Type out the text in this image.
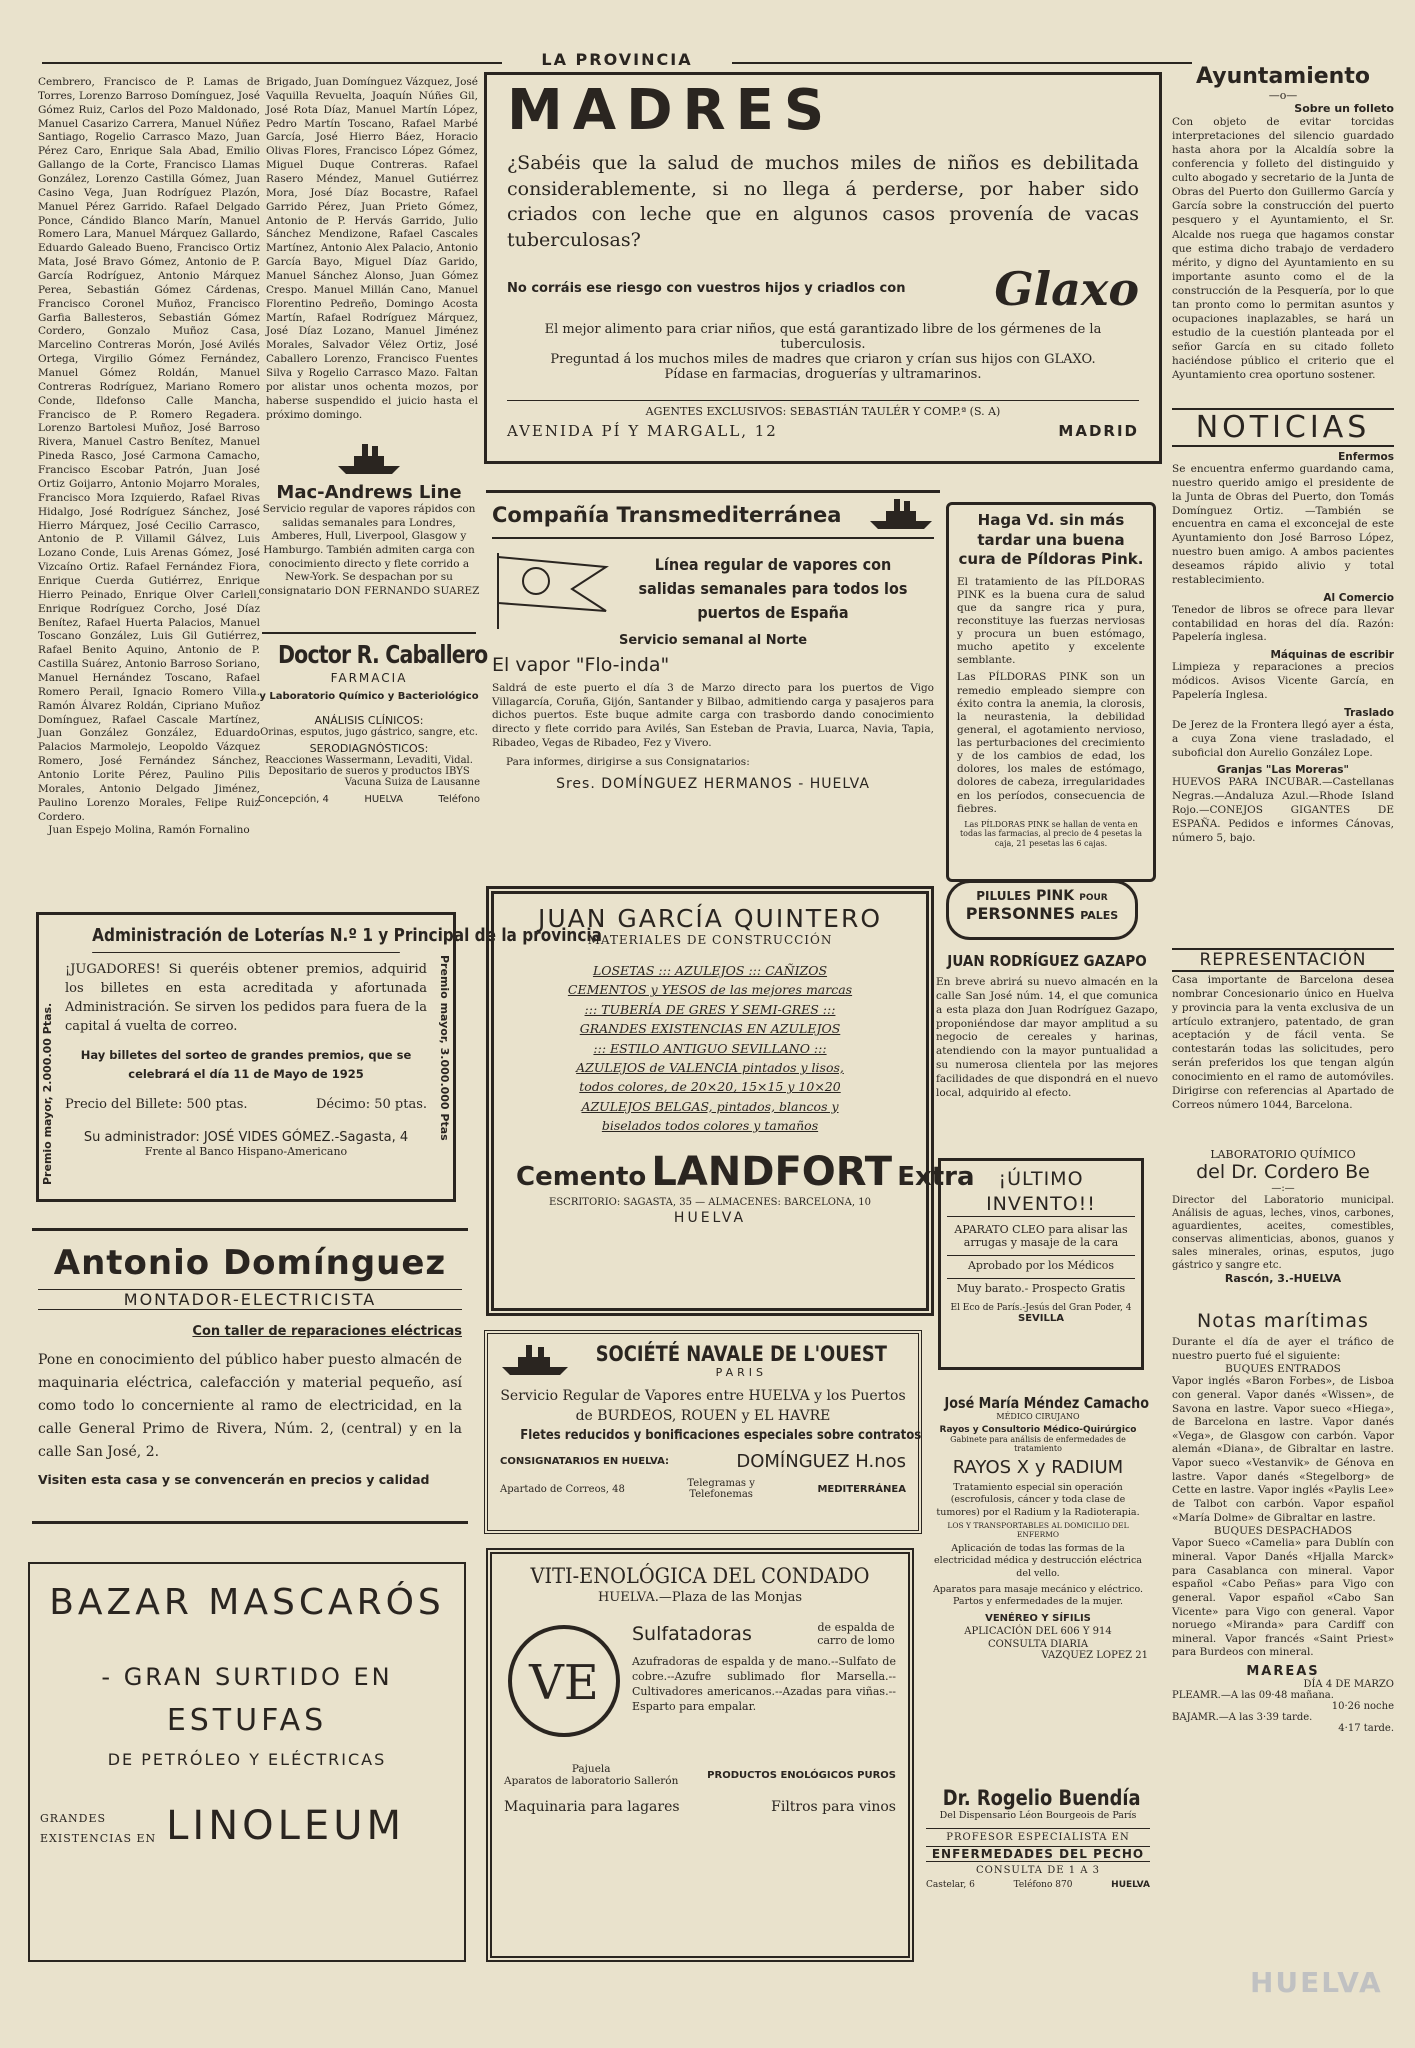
LA PROVINCIA
Cembrero, Francisco de P. Lamas de Torres, Lorenzo Barroso Domínguez, José Gómez Ruiz, Carlos del Pozo Maldonado, Manuel Casarizo Carrera, Manuel Núñez Santiago, Rogelio Carrasco Mazo, Juan Pérez Caro, Enrique Sala Abad, Emilio Gallango de la Corte, Francisco Llamas González, Lorenzo Castilla Gómez, Juan Casino Vega, Juan Rodríguez Plazón, Manuel Pérez Garrido. Rafael Delgado Ponce, Cándido Blanco Marín, Manuel Romero Lara, Manuel Márquez Gallardo, Eduardo Galeado Bueno, Francisco Ortiz Mata, José Bravo Gómez, Antonio de P. García Rodríguez, Antonio Márquez Perea, Sebastián Gómez Cárdenas, Francisco Coronel Muñoz, Francisco Garfia Ballesteros, Sebastián Gómez Cordero, Gonzalo Muñoz Casa, Marcelino Contreras Morón, José Avilés Ortega, Virgilio Gómez Fernández, Manuel Gómez Roldán, Manuel Contreras Rodríguez, Mariano Romero Conde, Ildefonso Calle Mancha, Francisco de P. Romero Regadera. Lorenzo Bartolesi Muñoz, José Barroso Rivera, Manuel Castro Benítez, Manuel Pineda Rasco, José Carmona Camacho, Francisco Escobar Patrón, Juan José Ortiz Goijarro, Antonio Mojarro Morales, Francisco Mora Izquierdo, Rafael Rivas Hidalgo, José Rodríguez Sánchez, José Hierro Márquez, José Cecilio Carrasco, Antonio de P. Villamil Gálvez, Luis Lozano Conde, Luis Arenas Gómez, José Vizcaíno Ortiz. Rafael Fernández Fiora, Enrique Cuerda Gutiérrez, Enrique Hierro Peinado, Enrique Olver Carlell, Enrique Rodríguez Corcho, José Díaz Benítez, Rafael Huerta Palacios, Manuel Toscano González, Luis Gil Gutiérrez, Rafael Benito Aquino, Antonio de P. Castilla Suárez, Antonio Barroso Soriano, Manuel Hernández Toscano, Rafael Romero Perail, Ignacio Romero Villa. Ramón Álvarez Roldán, Cipriano Muñoz Domínguez, Rafael Cascale Martínez, Juan González González, Eduardo Palacios Marmolejo, Leopoldo Vázquez Romero, José Fernández Sánchez, Antonio Lorite Pérez, Paulino Pilis Morales, Antonio Delgado Jiménez, Paulino Lorenzo Morales, Felipe Ruiz Cordero.
Juan Espejo Molina, Ramón Fornalino
Brigado, Juan Domínguez Vázquez, José Vaquilla Revuelta, Joaquín Núñes Gil, José Rota Díaz, Manuel Martín López, Pedro Martín Toscano, Rafael Marbé García, José Hierro Báez, Horacio Olivas Flores, Francisco López Gómez, Miguel Duque Contreras. Rafael Rasero Méndez, Manuel Gutiérrez Mora, José Díaz Bocastre, Rafael Garrido Pérez, Juan Prieto Gómez, Antonio de P. Hervás Garrido, Julio Sánchez Mendizone, Rafael Cascales Martínez, Antonio Alex Palacio, Antonio García Bayo, Miguel Díaz Garido, Manuel Sánchez Alonso, Juan Gómez Crespo. Manuel Millán Cano, Manuel Florentino Pedreño, Domingo Acosta Martín, Rafael Rodríguez Márquez, José Díaz Lozano, Manuel Jiménez Morales, Salvador Vélez Ortiz, José Caballero Lorenzo, Francisco Fuentes Silva y Rogelio Carrasco Mazo. Faltan por alistar unos ochenta mozos, por haberse suspendido el juicio hasta el próximo domingo.
Mac-Andrews Line
Servicio regular de vapores rápidos con salidas semanales para Londres, Amberes, Hull, Liverpool, Glasgow y Hamburgo. También admiten carga con conocimiento directo y flete corrido a New-York. Se despachan por su consignatario DON FERNANDO SUAREZ
Doctor R. Caballero
FARMACIA
y Laboratorio Químico y Bacteriológico
ANÁLISIS CLÍNICOS:
Orinas, esputos, jugo gástrico, sangre, etc.
SERODIAGNÓSTICOS:
Reacciones Wassermann, Levaditi, Vidal. Depositario de sueros y productos IBYS
Vacuna Suiza de Lausanne
Concepción, 4	HUELVA	Teléfono
MADRES
¿Sabéis que la salud de muchos miles de niños es debilitada considerablemente, si no llega á perderse, por haber sido criados con leche que en algunos casos provenía de vacas tuberculosas?
No corráis ese riesgo con vuestros hijos y criadlos con Glaxo
El mejor alimento para criar niños, que está garantizado libre de los gérmenes de la tuberculosis.
Preguntad á los muchos miles de madres que criaron y crían sus hijos con GLAXO.
Pídase en farmacias, droguerías y ultramarinos.
AGENTES EXCLUSIVOS: SEBASTIÁN TAULÉR Y COMP.ª (S. A)
AVENIDA PÍ Y MARGALL, 12	MADRID
Ayuntamiento
—o—
Sobre un folleto
Con objeto de evitar torcidas interpretaciones del silencio guardado hasta ahora por la Alcaldía sobre la conferencia y folleto del distinguido y culto abogado y secretario de la Junta de Obras del Puerto don Guillermo García y García sobre la construcción del puerto pesquero y el Ayuntamiento, el Sr. Alcalde nos ruega que hagamos constar que estima dicho trabajo de verdadero mérito, y digno del Ayuntamiento en su importante asunto como el de la construcción de la Pesquería, por lo que tan pronto como lo permitan asuntos y ocupaciones inaplazables, se hará un estudio de la cuestión planteada por el señor García en su citado folleto haciéndose público el criterio que el Ayuntamiento crea oportuno sostener.
NOTICIAS
Enfermos
Se encuentra enfermo guardando cama, nuestro querido amigo el presidente de la Junta de Obras del Puerto, don Tomás Domínguez Ortiz. —También se encuentra en cama el exconcejal de este Ayuntamiento don José Barroso López, nuestro buen amigo. A ambos pacientes deseamos rápido alivio y total restablecimiento.
Al Comercio
Tenedor de libros se ofrece para llevar contabilidad en horas del día. Razón: Papelería inglesa.
Máquinas de escribir
Limpieza y reparaciones a precios módicos. Avisos Vicente García, en Papelería Inglesa.
Traslado
De Jerez de la Frontera llegó ayer a ésta, a cuya Zona viene trasladado, el suboficial don Aurelio González Lope.
Granjas "Las Moreras"
HUEVOS PARA INCUBAR.—Castellanas Negras.—Andaluza Azul.—Rhode Island Rojo.—CONEJOS GIGANTES DE ESPAÑA. Pedidos e informes Cánovas, número 5, bajo.
Compañía Transmediterránea
Línea regular de vapores con salidas semanales para todos los puertos de España
Servicio semanal al Norte
El vapor "Flo-inda"
Saldrá de este puerto el día 3 de Marzo directo para los puertos de Vigo Villagarcía, Coruña, Gijón, Santander y Bilbao, admitiendo carga y pasajeros para dichos puertos. Este buque admite carga con trasbordo dando conocimiento directo y flete corrido para Avilés, San Esteban de Pravia, Luarca, Navia, Tapia, Ribadeo, Vegas de Ribadeo, Fez y Vivero.
Para informes, dirigirse a sus Consignatarios:
Sres. DOMÍNGUEZ HERMANOS - HUELVA
Haga Vd. sin más tardar una buena cura de Píldoras Pink.
El tratamiento de las PÍLDORAS PINK es la buena cura de salud que da sangre rica y pura, reconstituye las fuerzas nerviosas y procura un buen estómago, mucho apetito y excelente semblante.
Las PÍLDORAS PINK son un remedio empleado siempre con éxito contra la anemia, la clorosis, la neurastenia, la debilidad general, el agotamiento nervioso, las perturbaciones del crecimiento y de los cambios de edad, los dolores, los males de estómago, dolores de cabeza, irregularidades en los períodos, consecuencia de fiebres.
Las PÍLDORAS PINK se hallan de venta en todas las farmacias, al precio de 4 pesetas la caja, 21 pesetas las 6 cajas.
PILULES PINK POUR
PERSONNES PALES
Administración de Loterías N.º 1 y Principal de la provincia
¡JUGADORES! Si queréis obtener premios, adquirid los billetes en esta acreditada y afortunada Administración. Se sirven los pedidos para fuera de la capital á vuelta de correo.
Hay billetes del sorteo de grandes premios, que se celebrará el día 11 de Mayo de 1925
Precio del Billete: 500 ptas.	Décimo: 50 ptas.
Su administrador: JOSÉ VIDES GÓMEZ.-Sagasta, 4
Frente al Banco Hispano-Americano
Premio mayor, 2.000.00 Ptas.	Premio mayor, 3.000.000 Ptas
JUAN GARCÍA QUINTERO
MATERIALES DE CONSTRUCCIÓN
LOSETAS ::: AZULEJOS ::: CAÑIZOS
CEMENTOS y YESOS de las mejores marcas
::: TUBERÍA DE GRES Y SEMI-GRES :::
GRANDES EXISTENCIAS EN AZULEJOS
::: ESTILO ANTIGUO SEVILLANO :::
AZULEJOS de VALENCIA pintados y lisos,
todos colores, de 20×20, 15×15 y 10×20
AZULEJOS BELGAS, pintados, blancos y
biselados todos colores y tamaños
Cemento LANDFORT Extra
ESCRITORIO: SAGASTA, 35 — ALMACENES: BARCELONA, 10
HUELVA
JUAN RODRÍGUEZ GAZAPO
En breve abrirá su nuevo almacén en la calle San José núm. 14, el que comunica a esta plaza don Juan Rodríguez Gazapo, proponiéndose dar mayor amplitud a su negocio de cereales y harinas, atendiendo con la mayor puntualidad a su numerosa clientela por las mejores facilidades de que dispondrá en el nuevo local, adquirido al efecto.
REPRESENTACIÓN
Casa importante de Barcelona desea nombrar Concesionario único en Huelva y provincia para la venta exclusiva de un artículo extranjero, patentado, de gran aceptación y de fácil venta. Se contestarán todas las solicitudes, pero serán preferidos los que tengan algún conocimiento en el ramo de automóviles. Dirigirse con referencias al Apartado de Correos número 1044, Barcelona.
LABORATORIO QUÍMICO
del Dr. Cordero Be
—:—
Director del Laboratorio municipal. Análisis de aguas, leches, vinos, carbones, aguardientes, aceites, comestibles, conservas alimenticias, abonos, guanos y sales minerales, orinas, esputos, jugo gástrico y sangre etc.
Rascón, 3.-HUELVA
Antonio Domínguez
MONTADOR-ELECTRICISTA
Con taller de reparaciones eléctricas
Pone en conocimiento del público haber puesto almacén de maquinaria eléctrica, calefacción y material pequeño, así como todo lo concerniente al ramo de electricidad, en la calle General Primo de Rivera, Núm. 2, (central) y en la calle San José, 2.
Visiten esta casa y se convencerán en precios y calidad
¡ÚLTIMO INVENTO!!
APARATO CLEO para alisar las arrugas y masaje de la cara
Aprobado por los Médicos
Muy barato.- Prospecto Gratis
El Eco de París.-Jesús del Gran Poder, 4
SEVILLA	Notas marítimas
Durante el día de ayer el tráfico de nuestro puerto fué el siguiente:
BUQUES ENTRADOS
Vapor inglés «Baron Forbes», de Lisboa con general. Vapor danés «Wissen», de Savona en lastre. Vapor sueco «Hiega», de Barcelona en lastre. Vapor danés «Vega», de Glasgow con carbón. Vapor alemán «Diana», de Gibraltar en lastre. Vapor sueco «Vestanvik» de Génova en lastre. Vapor danés «Stegelborg» de Cette en lastre. Vapor inglés «Paylis Lee» de Talbot con carbón. Vapor español «María Dolme» de Gibraltar en lastre.
BUQUES DESPACHADOS
Vapor Sueco «Camelia» para Dublín con mineral. Vapor Danés «Hjalla Marck» para Casablanca con mineral. Vapor español «Cabo Peñas» para Vigo con general. Vapor español «Cabo San Vicente» para Vigo con general. Vapor noruego «Miranda» para Cardiff con mineral. Vapor francés «Saint Priest» para Burdeos con mineral.
MAREAS
DÍA 4 DE MARZO
PLEAMR.—A las 09·48 mañana.
10·26 noche
BAJAMR.—A las 3·39 tarde.
4·17 tarde.
SOCIÉTÉ NAVALE DE L'OUEST
PARIS
Servicio Regular de Vapores entre HUELVA y los Puertos de BURDEOS, ROUEN y EL HAVRE
Fletes reducidos y bonificaciones especiales sobre contratos
CONSIGNATARIOS EN HUELVA:	DOMÍNGUEZ H.nos
Apartado de Correos, 48	Telegramas y Telefonemas	MEDITERRÁNEA
José María Méndez Camacho
MÉDICO CIRUJANO
Rayos y Consultorio Médico-Quirúrgico
Gabinete para análisis de enfermedades de tratamiento
RAYOS X y RADIUM
Tratamiento especial sin operación (escrofulosis, cáncer y toda clase de tumores) por el Radium y la Radioterapia.
LOS Y TRANSPORTABLES AL DOMICILIO DEL ENFERMO
Aplicación de todas las formas de la electricidad médica y destrucción eléctrica del vello.
Aparatos para masaje mecánico y eléctrico. Partos y enfermedades de la mujer.
VENÉREO Y SÍFILIS
APLICACIÓN DEL 606 Y 914
CONSULTA DIARIA
VAZQUEZ LOPEZ 21
BAZAR MASCARÓS
- GRAN SURTIDO EN
ESTUFAS
DE PETRÓLEO Y ELÉCTRICAS
GRANDES
EXISTENCIAS EN LINOLEUM
VITI-ENOLÓGICA DEL CONDADO
HUELVA.—Plaza de las Monjas
VE
Sulfatadoras	de espalda de carro de lomo
Azufradoras de espalda y de mano.--Sulfato de cobre.--Azufre sublimado flor Marsella.-- Cultivadores americanos.--Azadas para viñas.--Esparto para empalar.
Pajuela
Aparatos de laboratorio Sallerón	PRODUCTOS ENOLÓGICOS PUROS
Maquinaria para lagares	Filtros para vinos Dr. Rogelio Buendía
Del Dispensario Léon Bourgeois de París
PROFESOR ESPECIALISTA EN
ENFERMEDADES DEL PECHO
CONSULTA DE 1 A 3
Castelar, 6	Teléfono 870	HUELVA
HUELVA
